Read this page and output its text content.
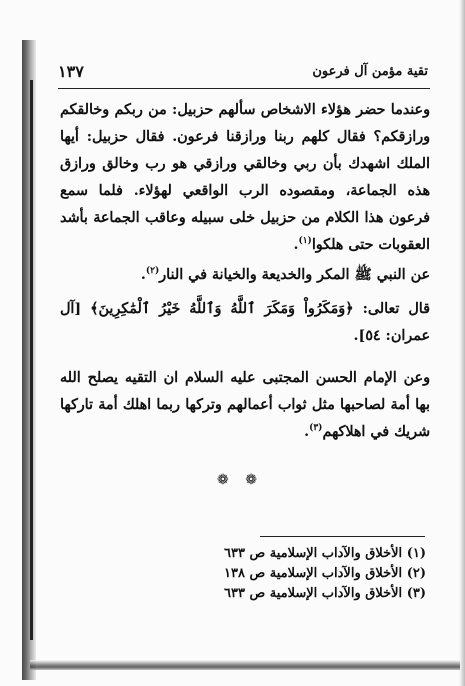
تقية مؤمن آل فرعون
١٣٧
وعندما حضر هؤلاء الاشخاص سألهم حزبيل: من ربكم وخالقكم ورازقكم؟ فقال كلهم ربنا ورازقنا فرعون. فقال حزبيل: أيها الملك اشهدك بأن ربي وخالقي ورازقي هو رب وخالق ورازق هذه الجماعة، ومقصوده الرب الواقعي لهؤلاء. فلما سمع فرعون هذا الكلام من حزبيل خلى سبيله وعاقب الجماعة بأشد العقوبات حتى هلكوا$^{(١)}$.
عن النبي ﷺ المكر والخديعة والخيانة في النار$^{(٢)}$.
قال تعالى: ﴿وَمَكَرُواْ وَمَكَرَ ٱللَّهُ وَٱللَّهُ خَيْرُ ٱلْمَٰكِرِينَ﴾ [آل عمران: ٥٤].
وعن الإمام الحسن المجتبى عليه السلام ان التقيه يصلح الله بها أمة لصاحبها مثل ثواب أعمالهم وتركها ربما اهلك أمة تاركها شريك في اهلاكهم$^{(٣)}$.
❁ ❁
(١) الأخلاق والآداب الإسلامية ص ٦٣٣
(٢) الأخلاق والآداب الإسلامية ص ١٣٨
(٣) الأخلاق والآداب الإسلامية ص ٦٣٣
